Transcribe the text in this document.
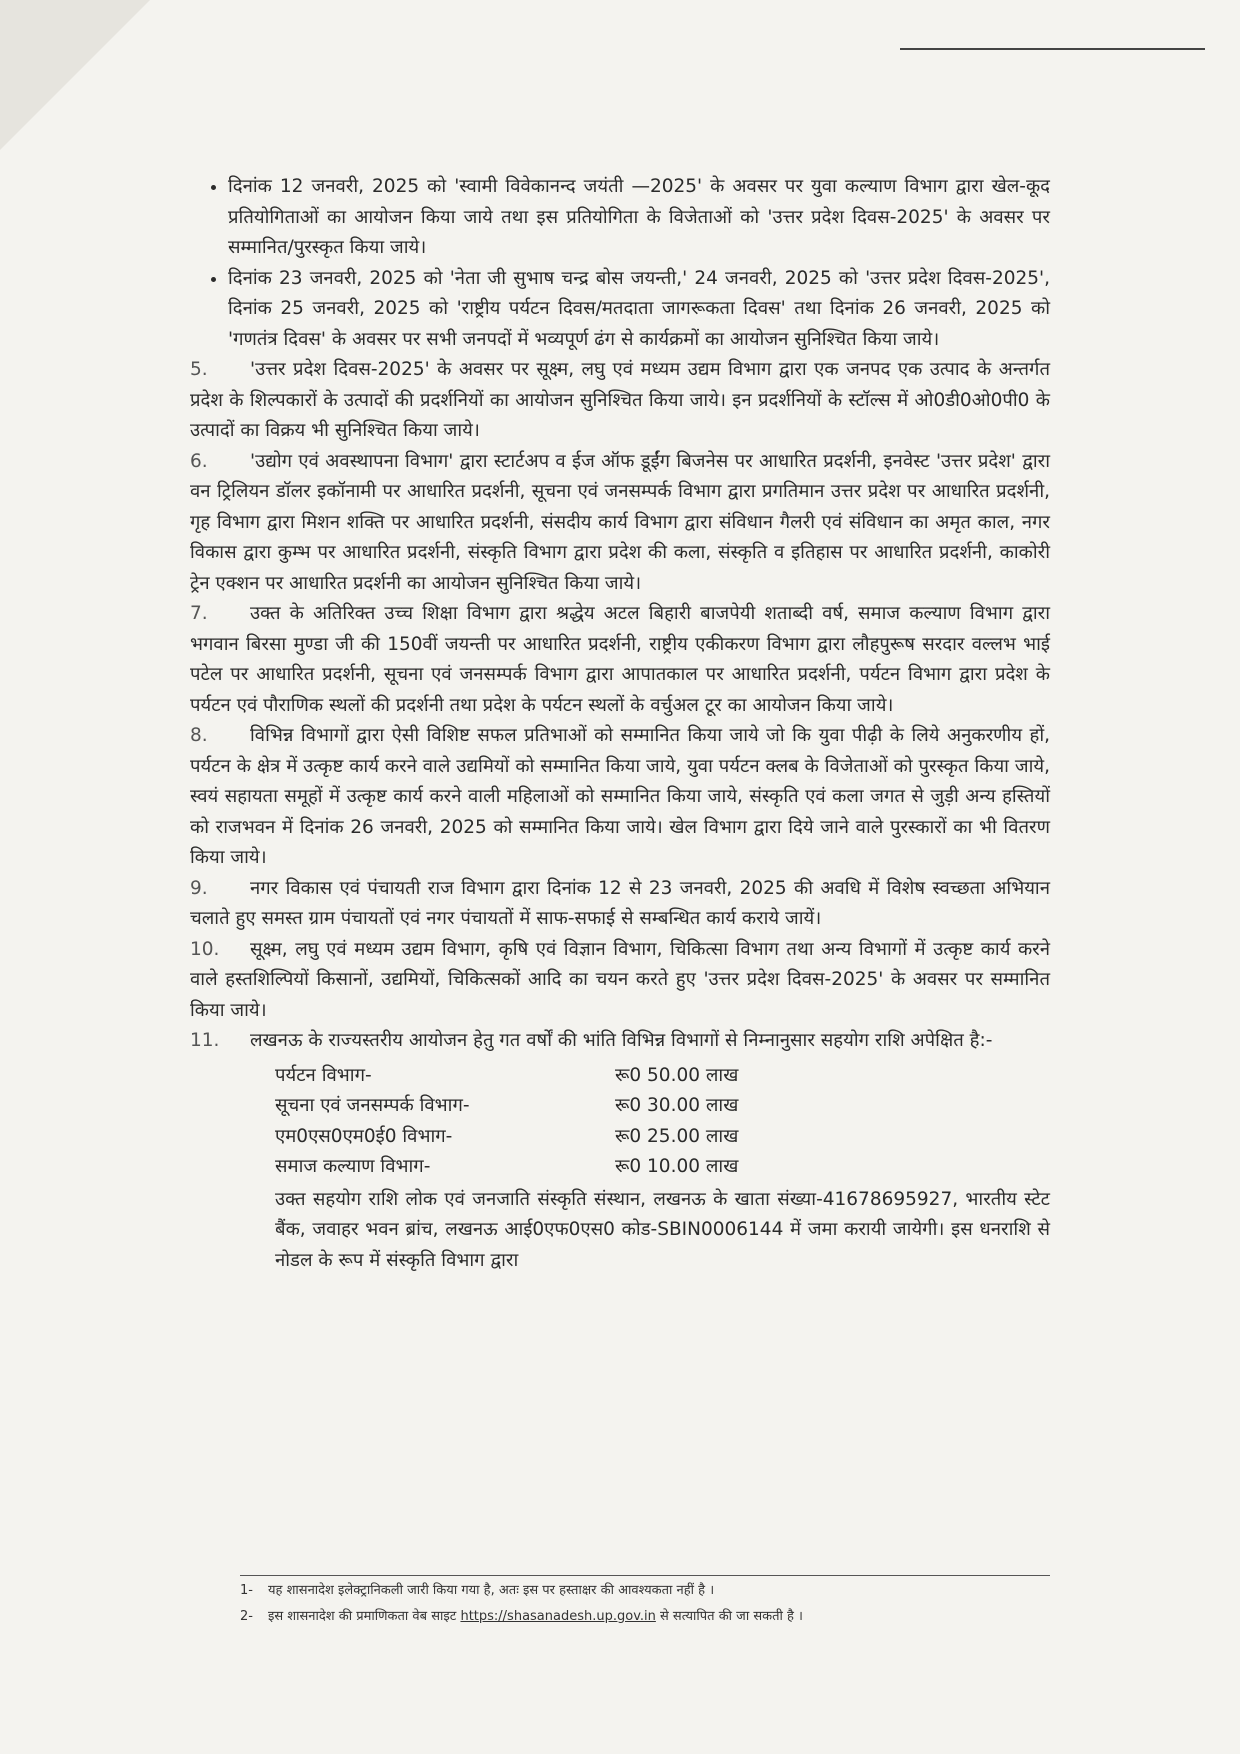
• दिनांक 12 जनवरी, 2025 को 'स्वामी विवेकानन्द जयंती —2025' के अवसर पर युवा कल्याण विभाग द्वारा खेल-कूद प्रतियोगिताओं का आयोजन किया जाये तथा इस प्रतियोगिता के विजेताओं को 'उत्तर प्रदेश दिवस-2025' के अवसर पर सम्मानित/पुरस्कृत किया जाये।
• दिनांक 23 जनवरी, 2025 को 'नेता जी सुभाष चन्द्र बोस जयन्ती,' 24 जनवरी, 2025 को 'उत्तर प्रदेश दिवस-2025', दिनांक 25 जनवरी, 2025 को 'राष्ट्रीय पर्यटन दिवस/मतदाता जागरूकता दिवस' तथा दिनांक 26 जनवरी, 2025 को 'गणतंत्र दिवस' के अवसर पर सभी जनपदों में भव्यपूर्ण ढंग से कार्यक्रमों का आयोजन सुनिश्चित किया जाये।

5. 'उत्तर प्रदेश दिवस-2025' के अवसर पर सूक्ष्म, लघु एवं मध्यम उद्यम विभाग द्वारा एक जनपद एक उत्पाद के अन्तर्गत प्रदेश के शिल्पकारों के उत्पादों की प्रदर्शनियों का आयोजन सुनिश्चित किया जाये। इन प्रदर्शनियों के स्टॉल्स में ओ0डी0ओ0पी0 के उत्पादों का विक्रय भी सुनिश्चित किया जाये।

6. 'उद्योग एवं अवस्थापना विभाग' द्वारा स्टार्टअप व ईज ऑफ डूईंग बिजनेस पर आधारित प्रदर्शनी, इनवेस्ट 'उत्तर प्रदेश' द्वारा वन ट्रिलियन डॉलर इकॉनामी पर आधारित प्रदर्शनी, सूचना एवं जनसम्पर्क विभाग द्वारा प्रगतिमान उत्तर प्रदेश पर आधारित प्रदर्शनी, गृह विभाग द्वारा मिशन शक्ति पर आधारित प्रदर्शनी, संसदीय कार्य विभाग द्वारा संविधान गैलरी एवं संविधान का अमृत काल, नगर विकास द्वारा कुम्भ पर आधारित प्रदर्शनी, संस्कृति विभाग द्वारा प्रदेश की कला, संस्कृति व इतिहास पर आधारित प्रदर्शनी, काकोरी ट्रेन एक्शन पर आधारित प्रदर्शनी का आयोजन सुनिश्चित किया जाये।

7. उक्त के अतिरिक्त उच्च शिक्षा विभाग द्वारा श्रद्धेय अटल बिहारी बाजपेयी शताब्दी वर्ष, समाज कल्याण विभाग द्वारा भगवान बिरसा मुण्डा जी की 150वीं जयन्ती पर आधारित प्रदर्शनी, राष्ट्रीय एकीकरण विभाग द्वारा लौहपुरूष सरदार वल्लभ भाई पटेल पर आधारित प्रदर्शनी, सूचना एवं जनसम्पर्क विभाग द्वारा आपातकाल पर आधारित प्रदर्शनी, पर्यटन विभाग द्वारा प्रदेश के पर्यटन एवं पौराणिक स्थलों की प्रदर्शनी तथा प्रदेश के पर्यटन स्थलों के वर्चुअल टूर का आयोजन किया जाये।

8. विभिन्न विभागों द्वारा ऐसी विशिष्ट सफल प्रतिभाओं को सम्मानित किया जाये जो कि युवा पीढ़ी के लिये अनुकरणीय हों, पर्यटन के क्षेत्र में उत्कृष्ट कार्य करने वाले उद्यमियों को सम्मानित किया जाये, युवा पर्यटन क्लब के विजेताओं को पुरस्कृत किया जाये, स्वयं सहायता समूहों में उत्कृष्ट कार्य करने वाली महिलाओं को सम्मानित किया जाये, संस्कृति एवं कला जगत से जुड़ी अन्य हस्तियों को राजभवन में दिनांक 26 जनवरी, 2025 को सम्मानित किया जाये। खेल विभाग द्वारा दिये जाने वाले पुरस्कारों का भी वितरण किया जाये।

9. नगर विकास एवं पंचायती राज विभाग द्वारा दिनांक 12 से 23 जनवरी, 2025 की अवधि में विशेष स्वच्छता अभियान चलाते हुए समस्त ग्राम पंचायतों एवं नगर पंचायतों में साफ-सफाई से सम्बन्धित कार्य कराये जायें।

10. सूक्ष्म, लघु एवं मध्यम उद्यम विभाग, कृषि एवं विज्ञान विभाग, चिकित्सा विभाग तथा अन्य विभागों में उत्कृष्ट कार्य करने वाले हस्तशिल्पियों किसानों, उद्यमियों, चिकित्सकों आदि का चयन करते हुए 'उत्तर प्रदेश दिवस-2025' के अवसर पर सम्मानित किया जाये।

11. लखनऊ के राज्यस्तरीय आयोजन हेतु गत वर्षों की भांति विभिन्न विभागों से निम्नानुसार सहयोग राशि अपेक्षित है:-

पर्यटन विभाग-	रू0 50.00 लाख
सूचना एवं जनसम्पर्क विभाग-	रू0 30.00 लाख
एम0एस0एम0ई0 विभाग-	रू0 25.00 लाख
समाज कल्याण विभाग-	रू0 10.00 लाख

उक्त सहयोग राशि लोक एवं जनजाति संस्कृति संस्थान, लखनऊ के खाता संख्या-41678695927, भारतीय स्टेट बैंक, जवाहर भवन ब्रांच, लखनऊ आई0एफ0एस0 कोड-SBIN0006144 में जमा करायी जायेगी। इस धनराशि से नोडल के रूप में संस्कृति विभाग द्वारा

1- यह शासनादेश इलेक्ट्रानिकली जारी किया गया है, अतः इस पर हस्ताक्षर की आवश्यकता नहीं है ।
2- इस शासनादेश की प्रमाणिकता वेब साइट https://shasanadesh.up.gov.in से सत्यापित की जा सकती है ।
